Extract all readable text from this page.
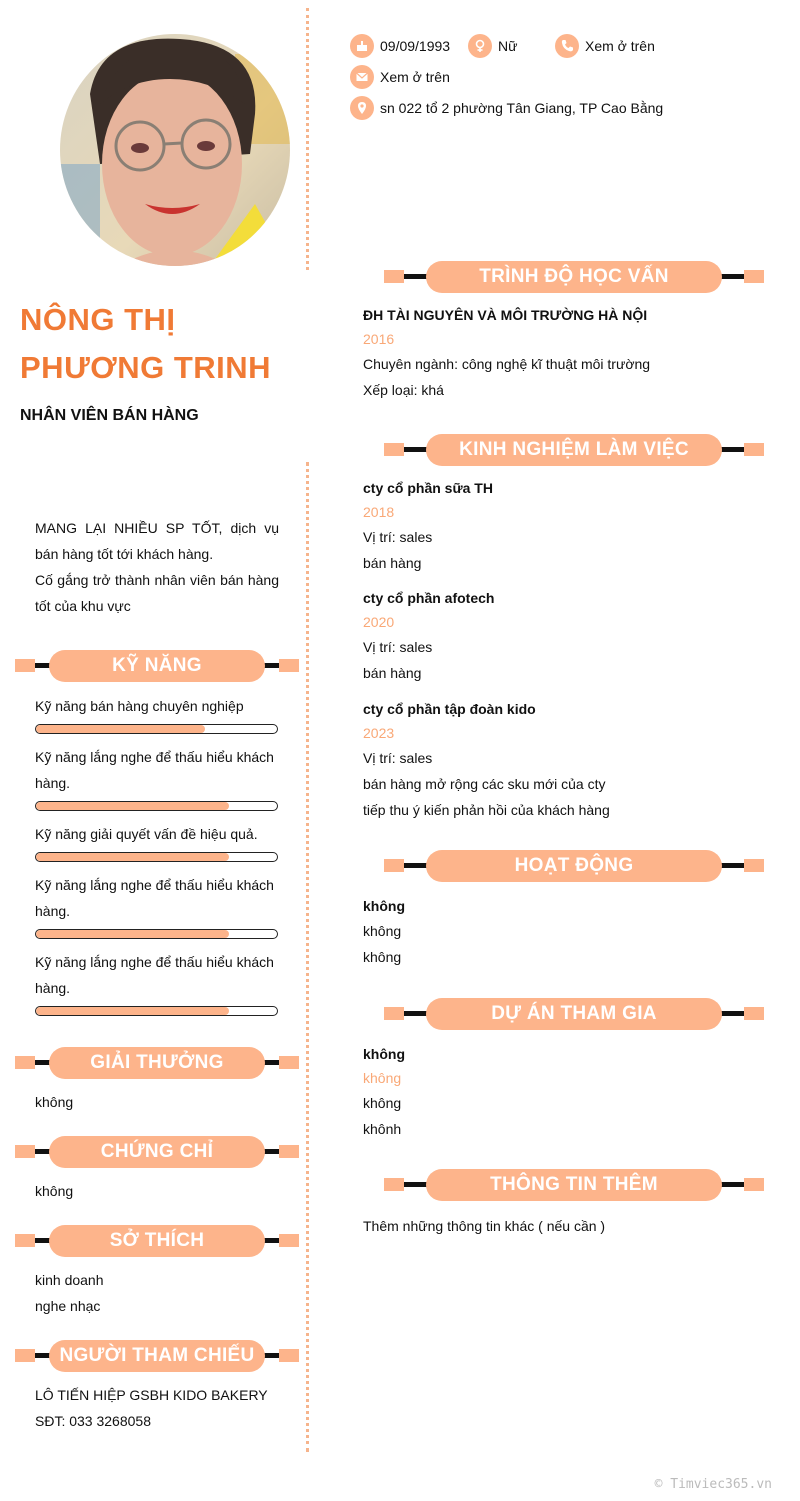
NÔNG THỊ
PHƯƠNG TRINH
NHÂN VIÊN BÁN HÀNG
MANG LẠI NHIỀU SP TỐT, dịch vụ bán hàng tốt tới khách hàng.
Cố gắng trở thành nhân viên bán hàng tốt của khu vực
09/09/1993	Nữ	Xem ở trên
Xem ở trên
sn 022 tổ 2 phường Tân Giang, TP Cao Bằng
KỸ NĂNG
Kỹ năng bán hàng chuyên nghiệp
Kỹ năng lắng nghe để thấu hiểu khách
hàng.
Kỹ năng giải quyết vấn đề hiệu quả.
Kỹ năng lắng nghe để thấu hiểu khách
hàng.
Kỹ năng lắng nghe để thấu hiểu khách
hàng.
GIẢI THƯỞNG
không
CHỨNG CHỈ
không
SỞ THÍCH
kinh doanh
nghe nhạc
NGƯỜI THAM CHIẾU
LÔ TIẾN HIỆP GSBH KIDO BAKERY
SĐT: 033 3268058
TRÌNH ĐỘ HỌC VẤN
ĐH TÀI NGUYÊN VÀ MÔI TRƯỜNG HÀ NỘI
2016
Chuyên ngành: công nghệ kĩ thuật môi trường
Xếp loại: khá
KINH NGHIỆM LÀM VIỆC
cty cổ phần sữa TH
2018
Vị trí: sales
bán hàng
cty cổ phần afotech
2020
Vị trí: sales
bán hàng
cty cổ phần tập đoàn kido
2023
Vị trí: sales
bán hàng mở rộng các sku mới của cty
tiếp thu ý kiến phản hồi của khách hàng
HOẠT ĐỘNG
không
không
không
DỰ ÁN THAM GIA
không
không
không
khônh
THÔNG TIN THÊM
Thêm những thông tin khác ( nếu cần )
© Timviec365.vn
